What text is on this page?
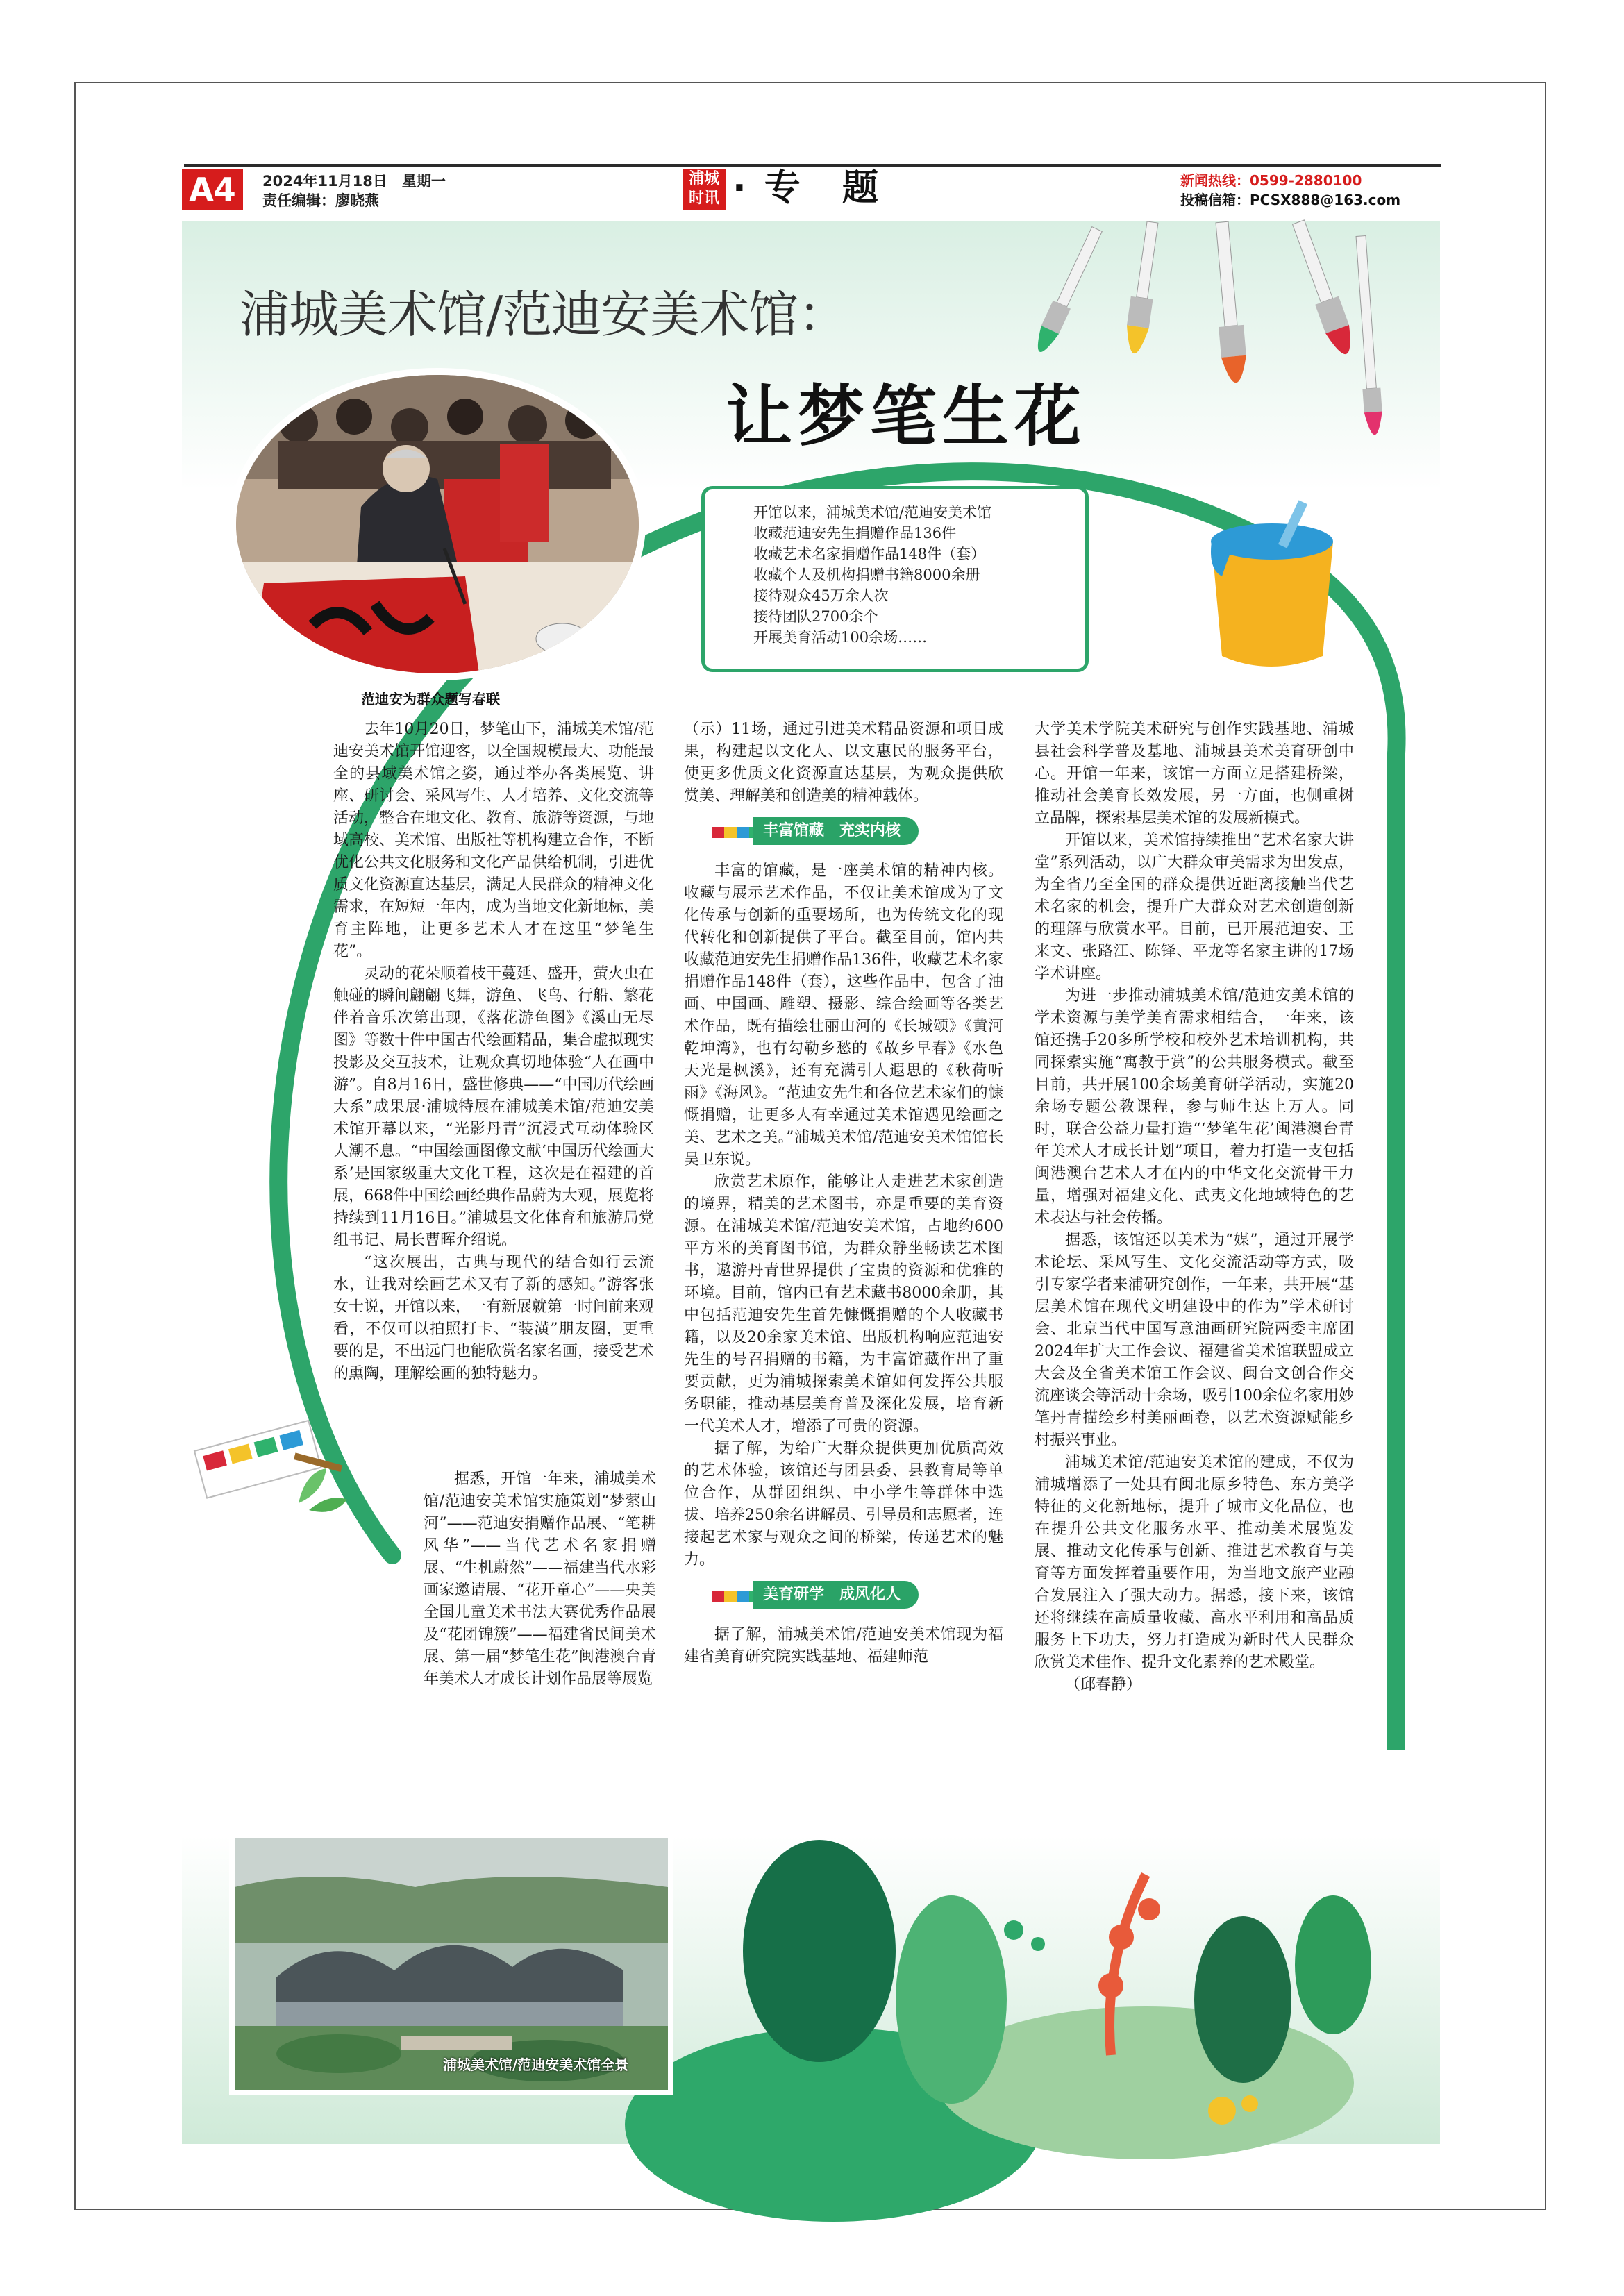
A4	2024年11月18日　星期一
责任编辑：廖晓燕
浦城时讯 · 专　题	新闻热线：0599-2880100
投稿信箱：PCSX888@163.com
浦城美术馆/范迪安美术馆：
让梦笔生花
开馆以来，浦城美术馆/范迪安美术馆
收藏范迪安先生捐赠作品136件
收藏艺术名家捐赠作品148件（套）
收藏个人及机构捐赠书籍8000余册
接待观众45万余人次
接待团队2700余个
开展美育活动100余场……
范迪安为群众题写春联

去年10月20日，梦笔山下，浦城美术馆/范迪安美术馆开馆迎客，以全国规模最大、功能最全的县域美术馆之姿，通过举办各类展览、讲座、研讨会、采风写生、人才培养、文化交流等活动，整合在地文化、教育、旅游等资源，与地域高校、美术馆、出版社等机构建立合作，不断优化公共文化服务和文化产品供给机制，引进优质文化资源直达基层，满足人民群众的精神文化需求，在短短一年内，成为当地文化新地标，美育主阵地，让更多艺术人才在这里“梦笔生花”。

灵动的花朵顺着枝干蔓延、盛开，萤火虫在触碰的瞬间翩翩飞舞，游鱼、飞鸟、行船、繁花伴着音乐次第出现，《落花游鱼图》《溪山无尽图》等数十件中国古代绘画精品，集合虚拟现实投影及交互技术，让观众真切地体验“人在画中游”。自8月16日，盛世修典——“中国历代绘画大系”成果展·浦城特展在浦城美术馆/范迪安美术馆开幕以来，“光影丹青”沉浸式互动体验区人潮不息。“中国绘画图像文献‘中国历代绘画大系’是国家级重大文化工程，这次是在福建的首展，668件中国绘画经典作品蔚为大观，展览将持续到11月16日。”浦城县文化体育和旅游局党组书记、局长曹晖介绍说。

“这次展出，古典与现代的结合如行云流水，让我对绘画艺术又有了新的感知。”游客张女士说，开馆以来，一有新展就第一时间前来观看，不仅可以拍照打卡、“装潢”朋友圈，更重要的是，不出远门也能欣赏名家名画，接受艺术的熏陶，理解绘画的独特魅力。

据悉，开馆一年来，浦城美术馆/范迪安美术馆实施策划“梦萦山河”——范迪安捐赠作品展、“笔耕风华”——当代艺术名家捐赠展、“生机蔚然”——福建当代水彩画家邀请展、“花开童心”——央美全国儿童美术书法大赛优秀作品展及“花团锦簇”——福建省民间美术展、第一届“梦笔生花”闽港澳台青年美术人才成长计划作品展等展览

（示）11场，通过引进美术精品资源和项目成果，构建起以文化人、以文惠民的服务平台，使更多优质文化资源直达基层，为观众提供欣赏美、理解美和创造美的精神载体。

丰富馆藏　充实内核

丰富的馆藏，是一座美术馆的精神内核。收藏与展示艺术作品，不仅让美术馆成为了文化传承与创新的重要场所，也为传统文化的现代转化和创新提供了平台。截至目前，馆内共收藏范迪安先生捐赠作品136件，收藏艺术名家捐赠作品148件（套），这些作品中，包含了油画、中国画、雕塑、摄影、综合绘画等各类艺术作品，既有描绘壮丽山河的《长城颂》《黄河乾坤湾》，也有勾勒乡愁的《故乡早春》《水色天光是枫溪》，还有充满引人遐思的《秋荷听雨》《海风》。“范迪安先生和各位艺术家们的慷慨捐赠，让更多人有幸通过美术馆遇见绘画之美、艺术之美。”浦城美术馆/范迪安美术馆馆长吴卫东说。

欣赏艺术原作，能够让人走进艺术家创造的境界，精美的艺术图书，亦是重要的美育资源。在浦城美术馆/范迪安美术馆，占地约600平方米的美育图书馆，为群众静坐畅读艺术图书，遨游丹青世界提供了宝贵的资源和优雅的环境。目前，馆内已有艺术藏书8000余册，其中包括范迪安先生首先慷慨捐赠的个人收藏书籍，以及20余家美术馆、出版机构响应范迪安先生的号召捐赠的书籍，为丰富馆藏作出了重要贡献，更为浦城探索美术馆如何发挥公共服务职能，推动基层美育普及深化发展，培育新一代美术人才，增添了可贵的资源。

据了解，为给广大群众提供更加优质高效的艺术体验，该馆还与团县委、县教育局等单位合作，从群团组织、中小学生等群体中选拔、培养250余名讲解员、引导员和志愿者，连接起艺术家与观众之间的桥梁，传递艺术的魅力。

美育研学　成风化人

据了解，浦城美术馆/范迪安美术馆现为福建省美育研究院实践基地、福建师范

大学美术学院美术研究与创作实践基地、浦城县社会科学普及基地、浦城县美术美育研创中心。开馆一年来，该馆一方面立足搭建桥梁，推动社会美育长效发展，另一方面，也侧重树立品牌，探索基层美术馆的发展新模式。

开馆以来，美术馆持续推出“艺术名家大讲堂”系列活动，以广大群众审美需求为出发点，为全省乃至全国的群众提供近距离接触当代艺术名家的机会，提升广大群众对艺术创造创新的理解与欣赏水平。目前，已开展范迪安、王来文、张路江、陈铎、平龙等名家主讲的17场学术讲座。

为进一步推动浦城美术馆/范迪安美术馆的学术资源与美学美育需求相结合，一年来，该馆还携手20多所学校和校外艺术培训机构，共同探索实施“寓教于赏”的公共服务模式。截至目前，共开展100余场美育研学活动，实施20余场专题公教课程，参与师生达上万人。同时，联合公益力量打造“‘梦笔生花’闽港澳台青年美术人才成长计划”项目，着力打造一支包括闽港澳台艺术人才在内的中华文化交流骨干力量，增强对福建文化、武夷文化地域特色的艺术表达与社会传播。

据悉，该馆还以美术为“媒”，通过开展学术论坛、采风写生、文化交流活动等方式，吸引专家学者来浦研究创作，一年来，共开展“基层美术馆在现代文明建设中的作为”学术研讨会、北京当代中国写意油画研究院两委主席团2024年扩大工作会议、福建省美术馆联盟成立大会及全省美术馆工作会议、闽台文创合作交流座谈会等活动十余场，吸引100余位名家用妙笔丹青描绘乡村美丽画卷，以艺术资源赋能乡村振兴事业。

浦城美术馆/范迪安美术馆的建成，不仅为浦城增添了一处具有闽北原乡特色、东方美学特征的文化新地标，提升了城市文化品位，也在提升公共文化服务水平、推动美术展览发展、推动文化传承与创新、推进艺术教育与美育等方面发挥着重要作用，为当地文旅产业融合发展注入了强大动力。据悉，接下来，该馆还将继续在高质量收藏、高水平利用和高品质服务上下功夫，努力打造成为新时代人民群众欣赏美术佳作、提升文化素养的艺术殿堂。

（邱春静）

浦城美术馆/范迪安美术馆全景
